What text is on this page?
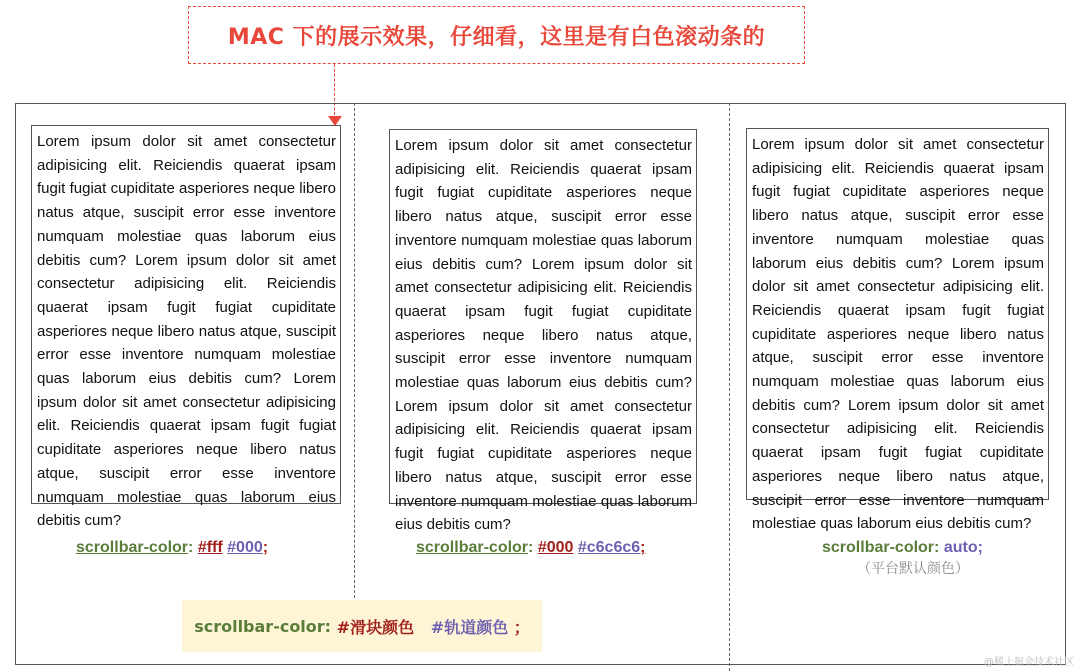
MAC 下的展示效果，仔细看，这里是有白色滚动条的

Lorem ipsum dolor sit amet consectetur adipisicing elit. Reiciendis quaerat ipsam fugit fugiat cupiditate asperiores neque libero natus atque, suscipit error esse inventore numquam molestiae quas laborum eius debitis cum? Lorem ipsum dolor sit amet consectetur adipisicing elit. Reiciendis quaerat ipsam fugit fugiat cupiditate asperiores neque libero natus atque, suscipit error esse inventore numquam molestiae quas laborum eius debitis cum? Lorem ipsum dolor sit amet consectetur adipisicing elit. Reiciendis quaerat ipsam fugit fugiat cupiditate asperiores neque libero natus atque, suscipit error esse inventore numquam molestiae quas laborum eius debitis cum?

Lorem ipsum dolor sit amet consectetur adipisicing elit. Reiciendis quaerat ipsam fugit fugiat cupiditate asperiores neque libero natus atque, suscipit error esse inventore numquam molestiae quas laborum eius debitis cum? Lorem ipsum dolor sit amet consectetur adipisicing elit. Reiciendis quaerat ipsam fugit fugiat cupiditate asperiores neque libero natus atque, suscipit error esse inventore numquam molestiae quas laborum eius debitis cum? Lorem ipsum dolor sit amet consectetur adipisicing elit. Reiciendis quaerat ipsam fugit fugiat cupiditate asperiores neque libero natus atque, suscipit error esse inventore numquam molestiae quas laborum eius debitis cum?

Lorem ipsum dolor sit amet consectetur adipisicing elit. Reiciendis quaerat ipsam fugit fugiat cupiditate asperiores neque libero natus atque, suscipit error esse inventore numquam molestiae quas laborum eius debitis cum? Lorem ipsum dolor sit amet consectetur adipisicing elit. Reiciendis quaerat ipsam fugit fugiat cupiditate asperiores neque libero natus atque, suscipit error esse inventore numquam molestiae quas laborum eius debitis cum? Lorem ipsum dolor sit amet consectetur adipisicing elit. Reiciendis quaerat ipsam fugit fugiat cupiditate asperiores neque libero natus atque, suscipit error esse inventore numquam molestiae quas laborum eius debitis cum?

scrollbar-color: #fff #000;	scrollbar-color: #000 #c6c6c6;	scrollbar-color: auto;
（平台默认颜色）
scrollbar-color :
#滑块颜色
#轨道颜色
；
@稀土掘金技术社区
